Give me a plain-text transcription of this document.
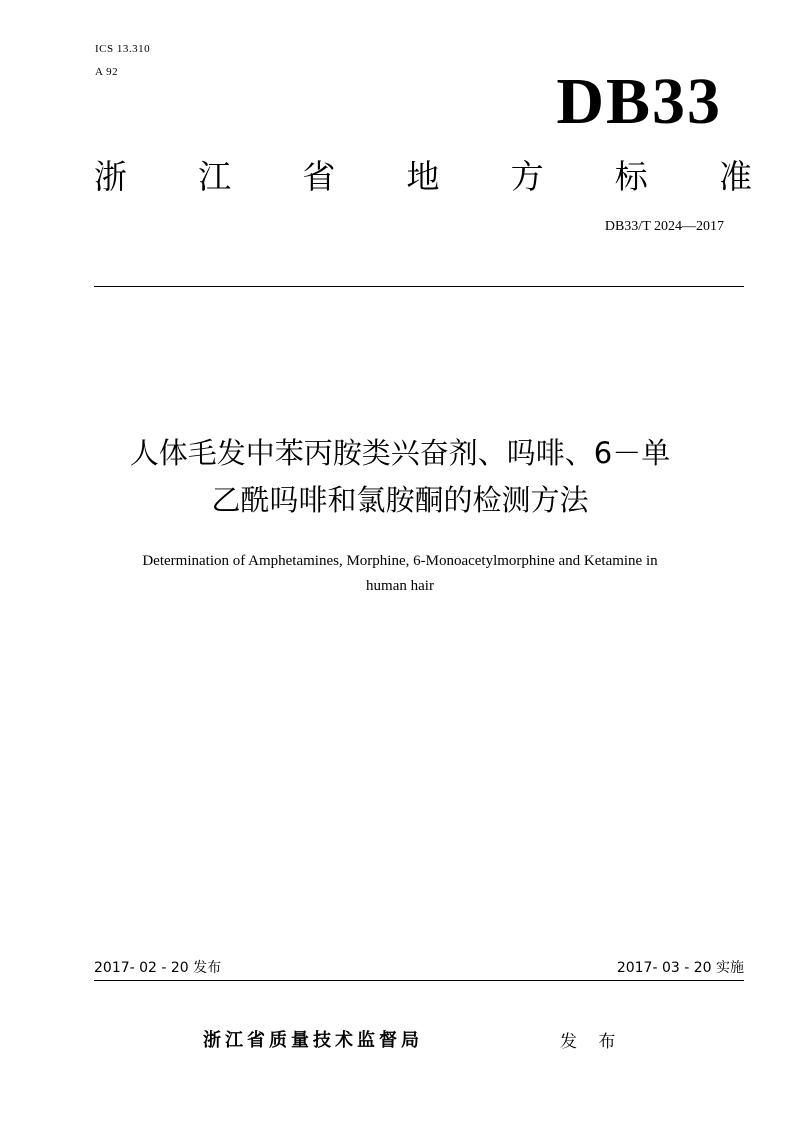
ICS 13.310
A 92	DB33
浙 江 省 地 方 标 准
DB33/T 2024—2017
人体毛发中苯丙胺类兴奋剂、吗啡、6－单
乙酰吗啡和氯胺酮的检测方法
Determination of Amphetamines, Morphine, 6-Monoacetylmorphine and Ketamine in
human hair
2017- 02 - 20 发布	2017- 03 - 20 实施
浙江省质量技术监督局	发 布
